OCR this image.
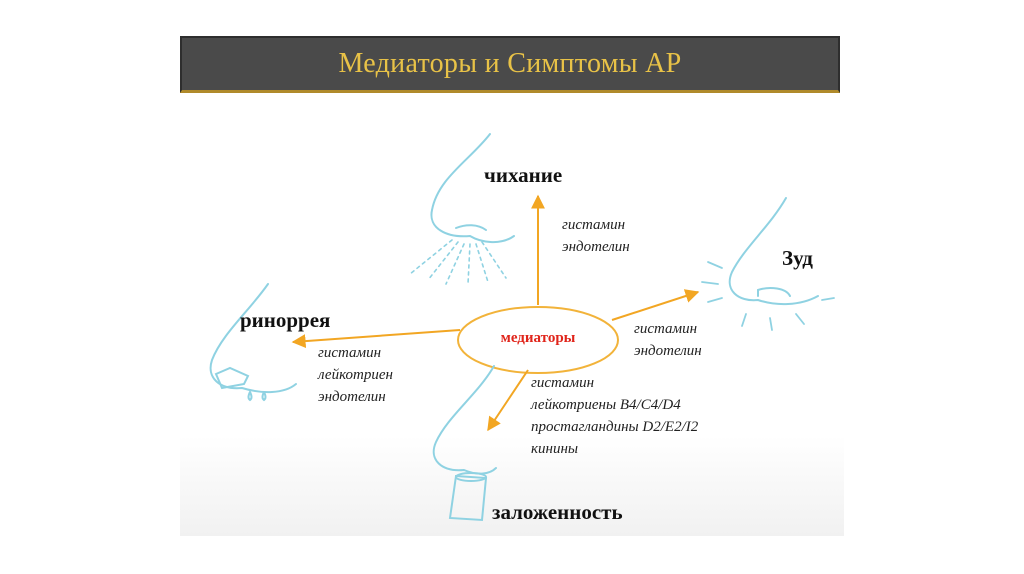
Медиаторы и Симптомы АР
чихание
Зуд
риноррея
заложенность
медиаторы
гистамин
эндотелин
гистамин
эндотелин
гистамин
лейкотриен
эндотелин
гистамин
лейкотриены B4/C4/D4
простагландины D2/E2/I2
кинины
